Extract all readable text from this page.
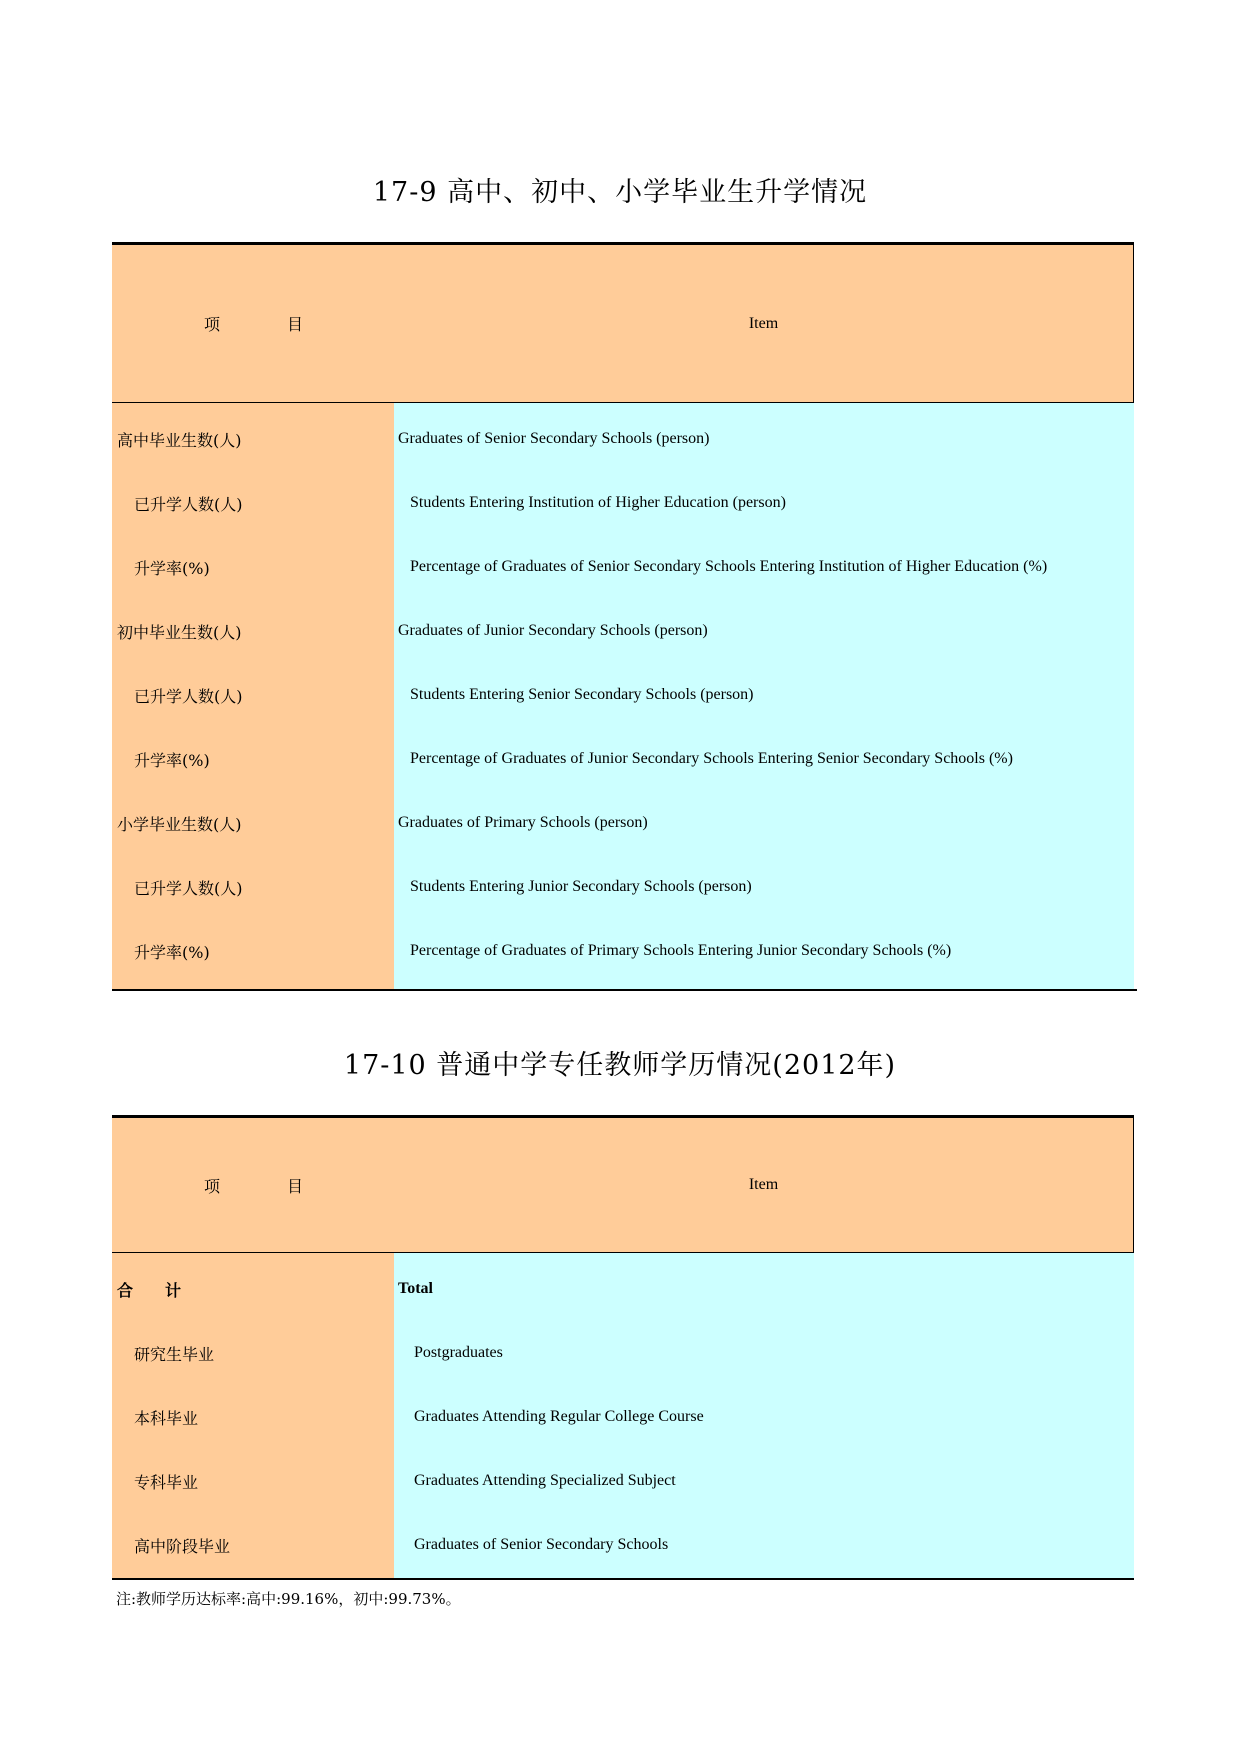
17-9 高中、初中、小学毕业生升学情况
项	目	Item
高中毕业生数(人)	Graduates of Senior Secondary Schools (person)
已升学人数(人)	Students Entering Institution of Higher Education (person)
升学率(%)	Percentage of Graduates of Senior Secondary Schools Entering Institution of Higher Education (%)
初中毕业生数(人)	Graduates of Junior Secondary Schools (person)
已升学人数(人)	Students Entering Senior Secondary Schools (person)
升学率(%)	Percentage of Graduates of Junior Secondary Schools Entering Senior Secondary Schools (%)
小学毕业生数(人)	Graduates of Primary Schools (person)
已升学人数(人)	Students Entering Junior Secondary Schools (person)
升学率(%)	Percentage of Graduates of Primary Schools Entering Junior Secondary Schools (%)
17-10 普通中学专任教师学历情况(2012年)
项	目	Item
合　　计	Total
研究生毕业	Postgraduates
本科毕业	Graduates Attending Regular College Course
专科毕业	Graduates Attending Specialized Subject
高中阶段毕业	Graduates of Senior Secondary Schools
注:教师学历达标率:高中:99.16%，初中:99.73%。
